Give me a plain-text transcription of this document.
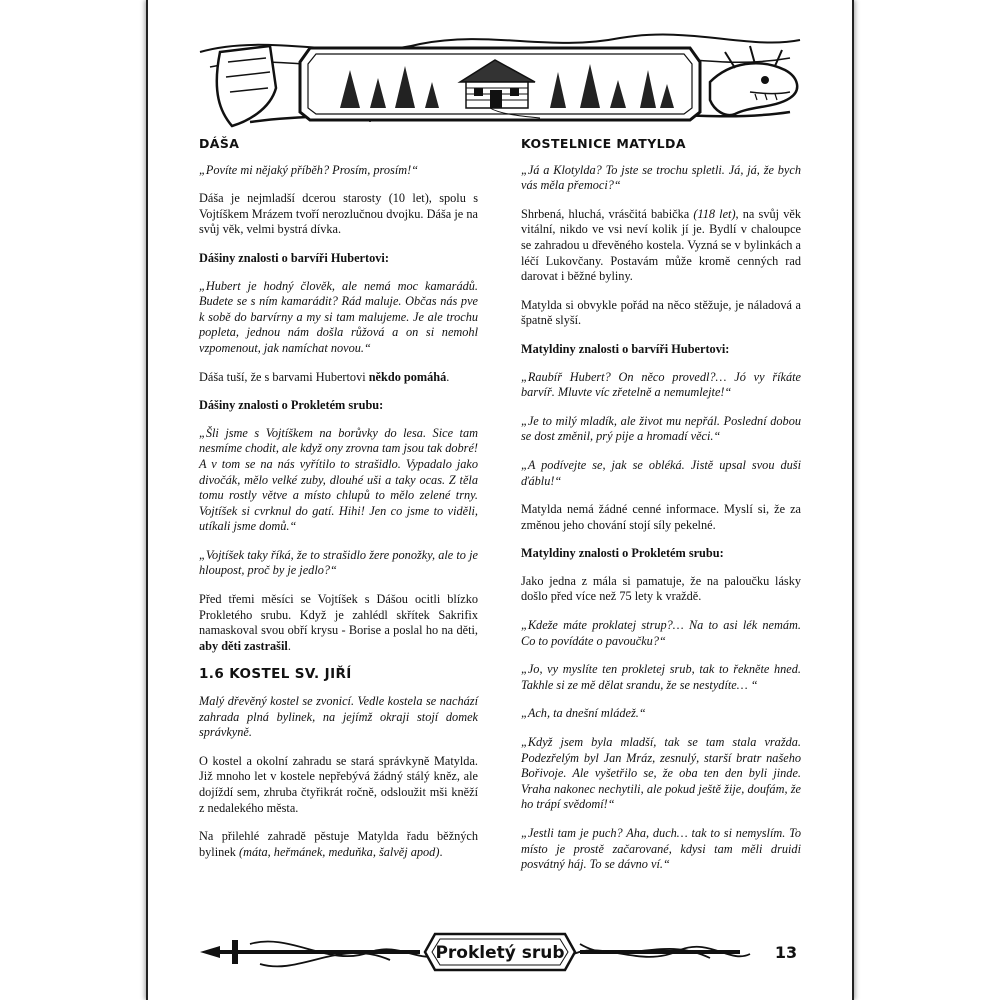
DÁŠA

„Povíte mi nějaký příběh? Prosím, prosím!“

Dáša je nejmladší dcerou starosty (10 let), spolu s Vojtíškem Mrázem tvoří nerozlučnou dvojku. Dáša je na svůj věk, velmi bystrá dívka.

Dášiny znalosti o barvíři Hubertovi:

„Hubert je hodný člověk, ale nemá moc kamarádů. Budete se s ním kamarádit? Rád maluje. Občas nás pve k sobě do barvírny a my si tam malujeme. Je ale trochu popleta, jednou nám došla růžová a on si nemohl vzpomenout, jak namíchat novou.“

Dáša tuší, že s barvami Hubertovi někdo pomáhá.

Dášiny znalosti o Prokletém srubu:

„Šli jsme s Vojtíškem na borůvky do lesa. Sice tam nesmíme chodit, ale když ony zrovna tam jsou tak dobré! A v tom se na nás vyřítilo to strašidlo. Vypadalo jako divočák, mělo velké zuby, dlouhé uši a taky ocas. Z těla tomu rostly větve a místo chlupů to mělo zelené trny. Vojtíšek si cvrknul do gatí. Hihi! Jen co jsme to viděli, utíkali jsme domů.“

„Vojtíšek taky říká, že to strašidlo žere ponožky, ale to je hloupost, proč by je jedlo?“

Před třemi měsíci se Vojtíšek s Dášou ocitli blízko Prokletého srubu. Když je zahlédl skřítek Sakrifix namaskoval svou obří krysu - Borise a poslal ho na děti, aby děti zastrašil.

1.6 KOSTEL SV. JIŘÍ

Malý dřevěný kostel se zvonicí. Vedle kostela se nachází zahrada plná bylinek, na jejímž okraji stojí domek správkyně.

O kostel a okolní zahradu se stará správkyně Matylda. Již mnoho let v kostele nepřebývá žádný stálý kněz, ale dojíždí sem, zhruba čtyřikrát ročně, odsloužit mši kněží z nedalekého města.

Na přilehlé zahradě pěstuje Matylda řadu běžných bylinek (máta, heřmánek, meduňka, šalvěj apod).

KOSTELNICE MATYLDA

„Já a Klotylda? To jste se trochu spletli. Já, já, že bych vás měla přemoci?“

Shrbená, hluchá, vrásčitá babička (118 let), na svůj věk vitální, nikdo ve vsi neví kolik jí je. Bydlí v chaloupce se zahradou u dřevěného kostela. Vyzná se v bylinkách a léčí Lukovčany. Postavám může kromě cenných rad darovat i běžné byliny.

Matylda si obvykle pořád na něco stěžuje, je náladová a špatně slyší.

Matyldiny znalosti o barvíři Hubertovi:

„Raubíř Hubert? On něco provedl?… Jó vy říkáte barvíř. Mluvte víc zřetelně a nemumlejte!“

„Je to milý mladík, ale život mu nepřál. Poslední dobou se dost změnil, prý pije a hromadí věci.“

„A podívejte se, jak se obléká. Jistě upsal svou duši ďáblu!“

Matylda nemá žádné cenné informace. Myslí si, že za změnou jeho chování stojí síly pekelné.

Matyldiny znalosti o Prokletém srubu:

Jako jedna z mála si pamatuje, že na paloučku lásky došlo před více než 75 lety k vraždě.

„Kdeže máte proklatej strup?… Na to asi lék nemám. Co to povídáte o pavoučku?“

„Jo, vy myslíte ten prokletej srub, tak to řekněte hned. Takhle si ze mě dělat srandu, že se nestydíte… “

„Ach, ta dnešní mládež.“

„Když jsem byla mladší, tak se tam stala vražda. Podezřelým byl Jan Mráz, zesnulý, starší bratr našeho Bořivoje. Ale vyšetřilo se, že oba ten den byli jinde. Vraha nakonec nechytili, ale pokud ještě žije, doufám, že ho trápí svědomí!“

„Jestli tam je puch? Aha, duch… tak to si nemyslím. To místo je prostě začarované, kdysi tam měli druidi posvátný háj. To se dávno ví.“

Prokletý srub	13
